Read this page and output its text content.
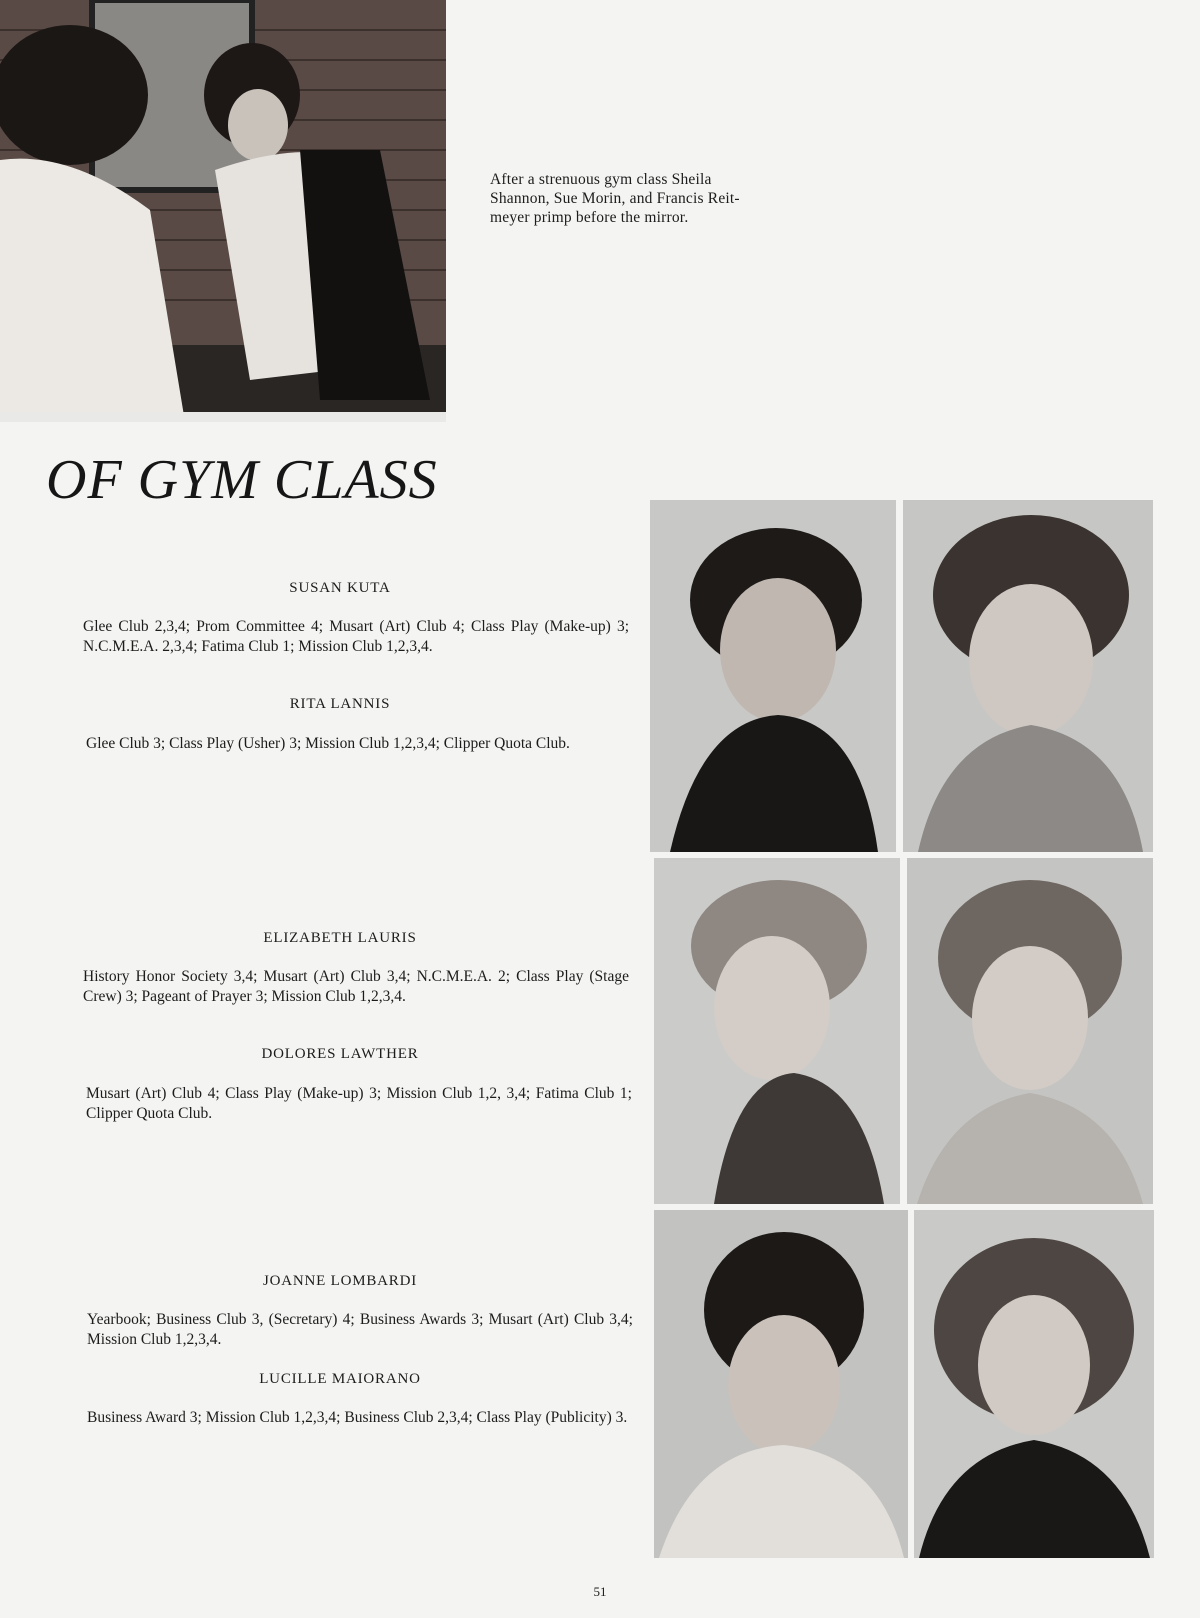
After a strenuous gym class Sheila
Shannon, Sue Morin, and Francis Reit-
meyer primp before the mirror.
OF GYM CLASS
SUSAN KUTA
Glee Club 2,3,4; Prom Committee 4; Musart (Art) Club 4; Class Play (Make-up) 3; N.C.M.E.A. 2,3,4; Fatima Club 1; Mission Club 1,2,3,4.
RITA LANNIS
Glee Club 3; Class Play (Usher) 3; Mission Club 1,2,3,4; Clipper Quota Club.
ELIZABETH LAURIS
History Honor Society 3,4; Musart (Art) Club 3,4; N.C.M.E.A. 2; Class Play (Stage Crew) 3; Pageant of Prayer 3; Mission Club 1,2,3,4.
DOLORES LAWTHER
Musart (Art) Club 4; Class Play (Make-up) 3; Mission Club 1,2, 3,4; Fatima Club 1; Clipper Quota Club.
JOANNE LOMBARDI
Yearbook; Business Club 3, (Secretary) 4; Business Awards 3; Musart (Art) Club 3,4; Mission Club 1,2,3,4.
LUCILLE MAIORANO
Business Award 3; Mission Club 1,2,3,4; Business Club 2,3,4; Class Play (Publicity) 3.
51
